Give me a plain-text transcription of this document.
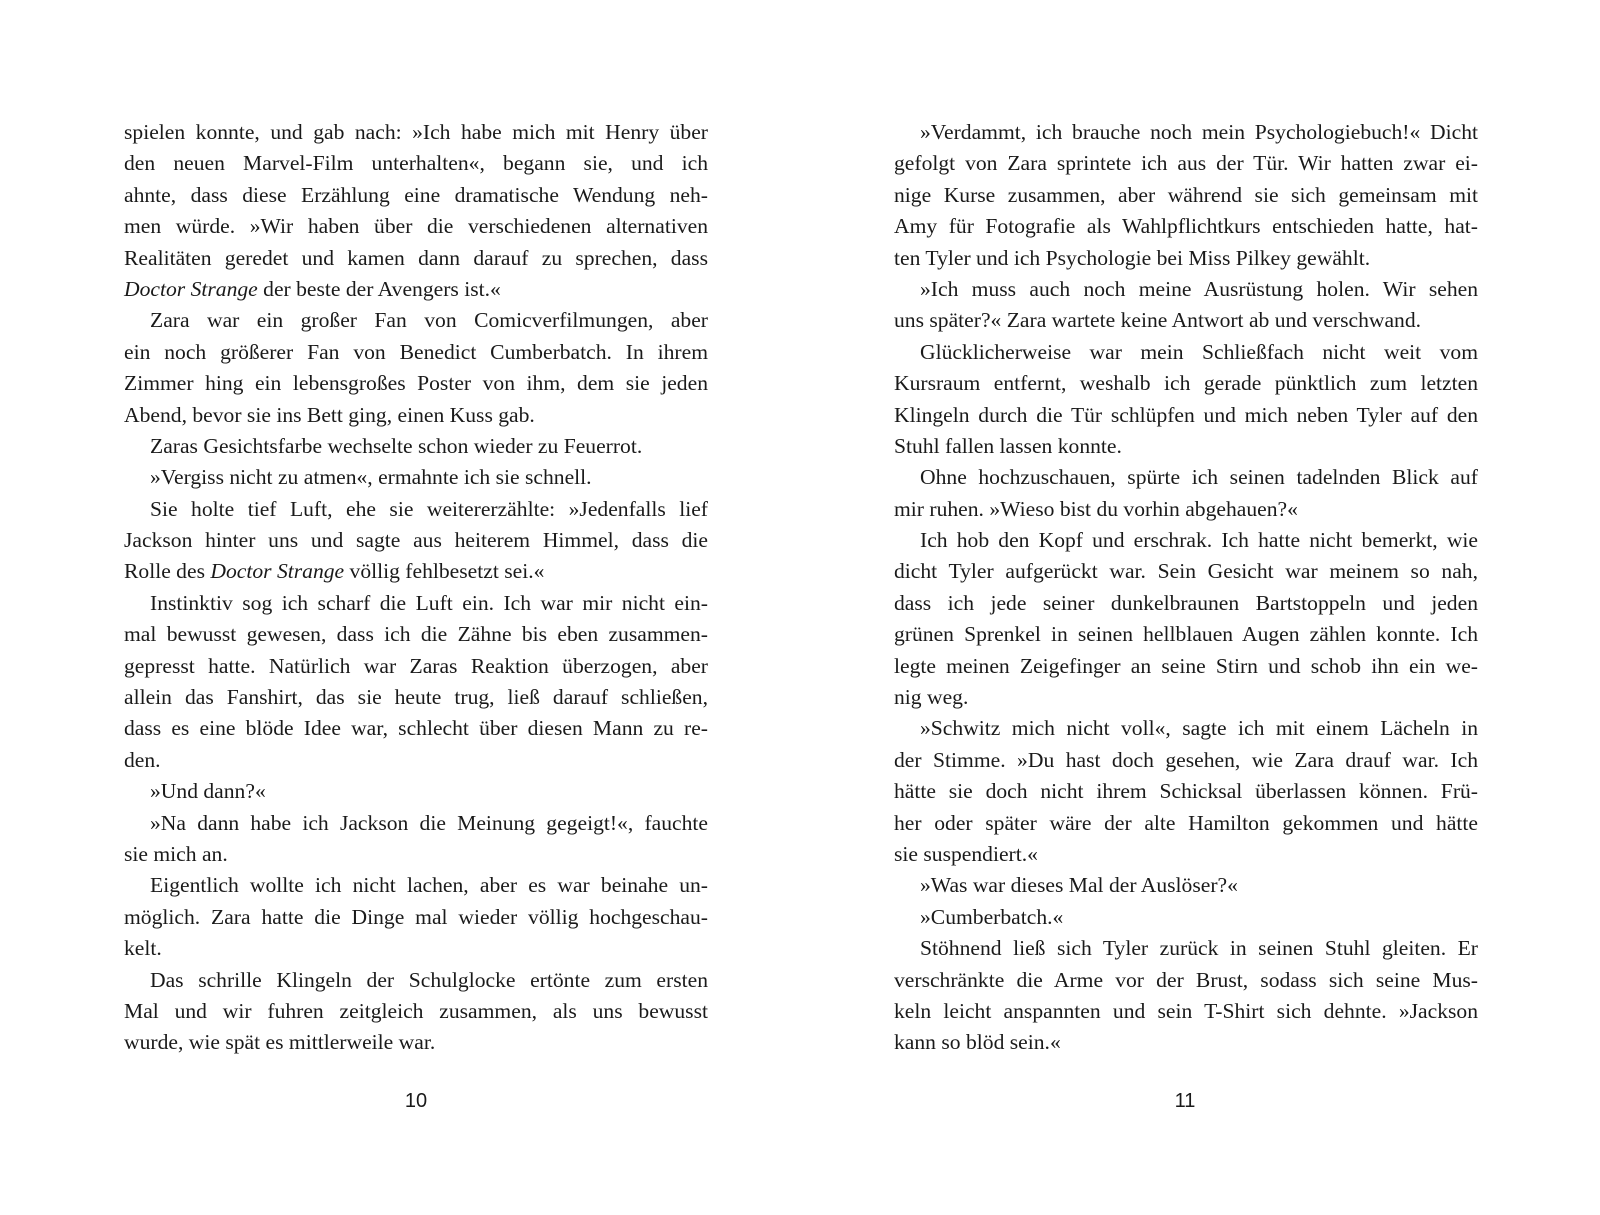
spielen konnte, und gab nach: »Ich habe mich mit Henry über
den neuen Marvel-Film unterhalten«, begann sie, und ich
ahnte, dass diese Erzählung eine dramatische Wendung neh-
men würde. »Wir haben über die verschiedenen alternativen
Realitäten geredet und kamen dann darauf zu sprechen, dass
Doctor Strange der beste der Avengers ist.«
Zara war ein großer Fan von Comicverfilmungen, aber
ein noch größerer Fan von Benedict Cumberbatch. In ihrem
Zimmer hing ein lebensgroßes Poster von ihm, dem sie jeden
Abend, bevor sie ins Bett ging, einen Kuss gab.
Zaras Gesichtsfarbe wechselte schon wieder zu Feuerrot.
»Vergiss nicht zu atmen«, ermahnte ich sie schnell.
Sie holte tief Luft, ehe sie weitererzählte: »Jedenfalls lief
Jackson hinter uns und sagte aus heiterem Himmel, dass die
Rolle des Doctor Strange völlig fehlbesetzt sei.«
Instinktiv sog ich scharf die Luft ein. Ich war mir nicht ein-
mal bewusst gewesen, dass ich die Zähne bis eben zusammen-
gepresst hatte. Natürlich war Zaras Reaktion überzogen, aber
allein das Fanshirt, das sie heute trug, ließ darauf schließen,
dass es eine blöde Idee war, schlecht über diesen Mann zu re-
den.
»Und dann?«
»Na dann habe ich Jackson die Meinung gegeigt!«, fauchte
sie mich an.
Eigentlich wollte ich nicht lachen, aber es war beinahe un-
möglich. Zara hatte die Dinge mal wieder völlig hochgeschau-
kelt.
Das schrille Klingeln der Schulglocke ertönte zum ersten
Mal und wir fuhren zeitgleich zusammen, als uns bewusst
wurde, wie spät es mittlerweile war.
»Verdammt, ich brauche noch mein Psychologiebuch!« Dicht
gefolgt von Zara sprintete ich aus der Tür. Wir hatten zwar ei-
nige Kurse zusammen, aber während sie sich gemeinsam mit
Amy für Fotografie als Wahlpflichtkurs entschieden hatte, hat-
ten Tyler und ich Psychologie bei Miss Pilkey gewählt.
»Ich muss auch noch meine Ausrüstung holen. Wir sehen
uns später?« Zara wartete keine Antwort ab und verschwand.
Glücklicherweise war mein Schließfach nicht weit vom
Kursraum entfernt, weshalb ich gerade pünktlich zum letzten
Klingeln durch die Tür schlüpfen und mich neben Tyler auf den
Stuhl fallen lassen konnte.
Ohne hochzuschauen, spürte ich seinen tadelnden Blick auf
mir ruhen. »Wieso bist du vorhin abgehauen?«
Ich hob den Kopf und erschrak. Ich hatte nicht bemerkt, wie
dicht Tyler aufgerückt war. Sein Gesicht war meinem so nah,
dass ich jede seiner dunkelbraunen Bartstoppeln und jeden
grünen Sprenkel in seinen hellblauen Augen zählen konnte. Ich
legte meinen Zeigefinger an seine Stirn und schob ihn ein we-
nig weg.
»Schwitz mich nicht voll«, sagte ich mit einem Lächeln in
der Stimme. »Du hast doch gesehen, wie Zara drauf war. Ich
hätte sie doch nicht ihrem Schicksal überlassen können. Frü-
her oder später wäre der alte Hamilton gekommen und hätte
sie suspendiert.«
»Was war dieses Mal der Auslöser?«
»Cumberbatch.«
Stöhnend ließ sich Tyler zurück in seinen Stuhl gleiten. Er
verschränkte die Arme vor der Brust, sodass sich seine Mus-
keln leicht anspannten und sein T-Shirt sich dehnte. »Jackson
kann so blöd sein.«
10	11
